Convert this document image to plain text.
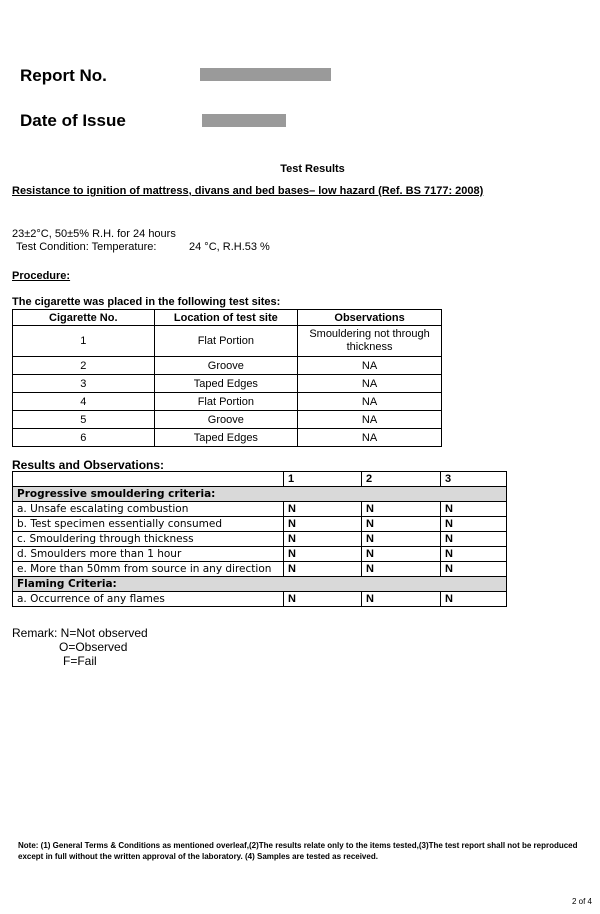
Report No.
Date of Issue
Test Results
Resistance to ignition of mattress, divans and bed bases– low hazard (Ref. BS 7177: 2008)
23±2°C, 50±5% R.H. for 24 hours
Test Condition: Temperature:	24 °C, R.H.53 %
Procedure:
The cigarette was placed in the following test sites:
Cigarette No.	Location of test site	Observations
1	Flat Portion	Smouldering not through thickness
2	Groove	NA
3	Taped Edges	NA
4	Flat Portion	NA
5	Groove	NA
6	Taped Edges	NA
Results and Observations:
	1	2	3
Progressive smouldering criteria:			
a. Unsafe escalating combustion	N	N	N
b. Test specimen essentially consumed	N	N	N
c. Smouldering through thickness	N	N	N
d. Smoulders more than 1 hour	N	N	N
e. More than 50mm from source in any direction	N	N	N
Flaming Criteria:			
a. Occurrence of any flames	N	N	N
Remark: N=Not observed
O=Observed
F=Fail
Note: (1) General Terms & Conditions as mentioned overleaf,(2)The results relate only to the items tested,(3)The test report shall not be reproduced except in full without the written approval of the laboratory. (4) Samples are tested as received.
2 of 4
